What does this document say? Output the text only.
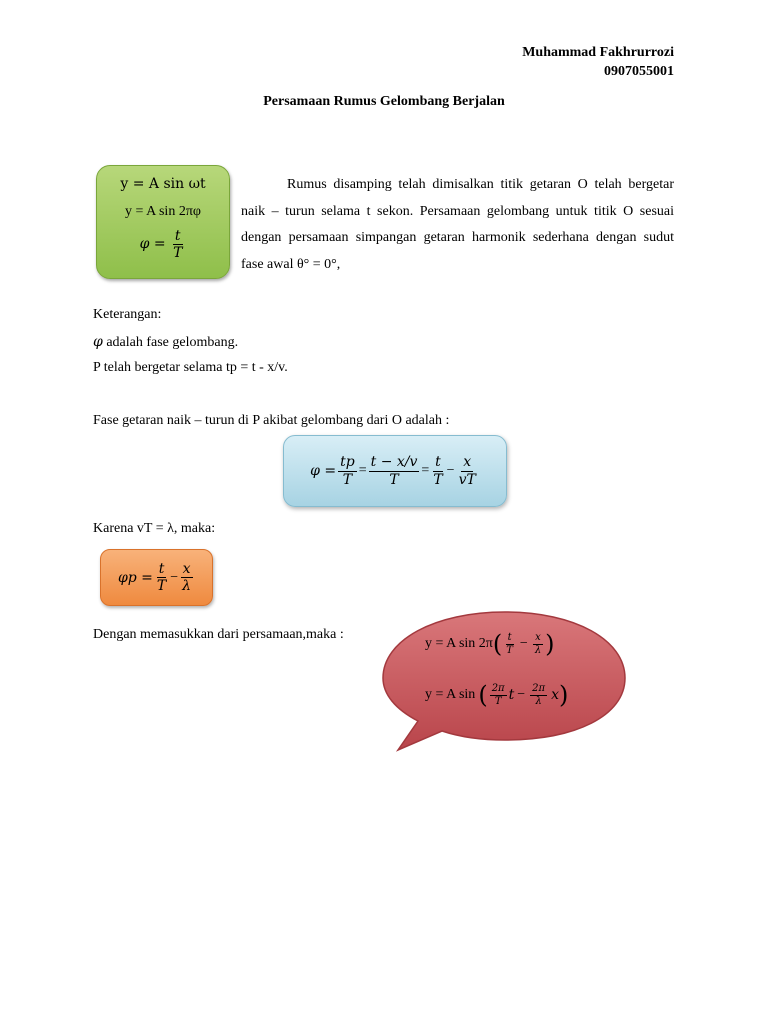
Muhammad Fakhrurrozi
0907055001
Persamaan Rumus Gelombang Berjalan
y = A sin ωt
y = A sin 2πφ
$\varphi = \frac{t}{T}$
Rumus disamping telah dimisalkan titik getaran O telah bergetar naik – turun selama t sekon. Persamaan gelombang untuk titik O sesuai dengan persamaan simpangan getaran harmonik sederhana dengan sudut fase awal θ° = 0°,
Keterangan:
φ adalah fase gelombang.
P telah bergetar selama tp = t - x/v.
Fase getaran naik – turun di P akibat gelombang dari O adalah :
$\varphi = \frac{tp}{T} = \frac{t - x/v}{T} = \frac{t}{T} - \frac{x}{vT}$
Karena vT = λ, maka:
$\varphi p = \frac{t}{T} - \frac{x}{\lambda}$
Dengan memasukkan dari persamaan,maka :
y = A sin 2π ( $\frac{t}{T} - \frac{x}{\lambda}$ )
y = A sin ( $\frac{2\pi}{T}$ $t - \frac{2\pi}{\lambda}$ x )
